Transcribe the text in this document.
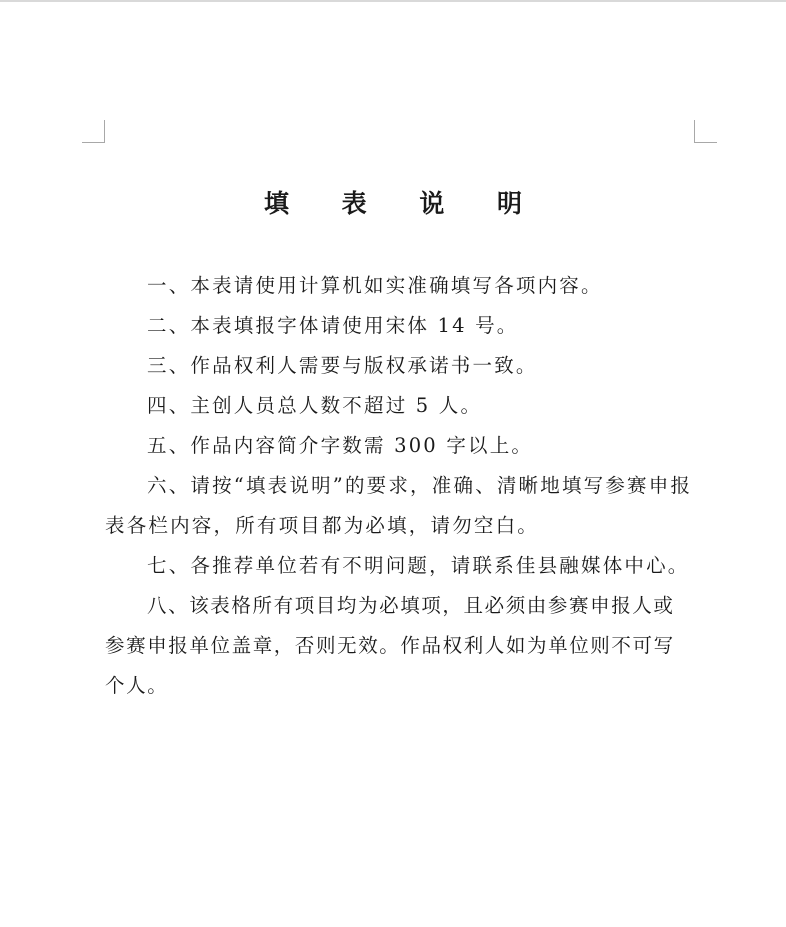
填 表 说 明

一、本表请使用计算机如实准确填写各项内容。

二、本表填报字体请使用宋体 14 号。

三、作品权利人需要与版权承诺书一致。

四、主创人员总人数不超过 5 人。

五、作品内容简介字数需 300 字以上。

六、请按“填表说明”的要求，准确、清晰地填写参赛申报表各栏内容，所有项目都为必填，请勿空白。

七、各推荐单位若有不明问题，请联系佳县融媒体中心。

八、该表格所有项目均为必填项，且必须由参赛申报人或参赛申报单位盖章，否则无效。作品权利人如为单位则不可写个人。
